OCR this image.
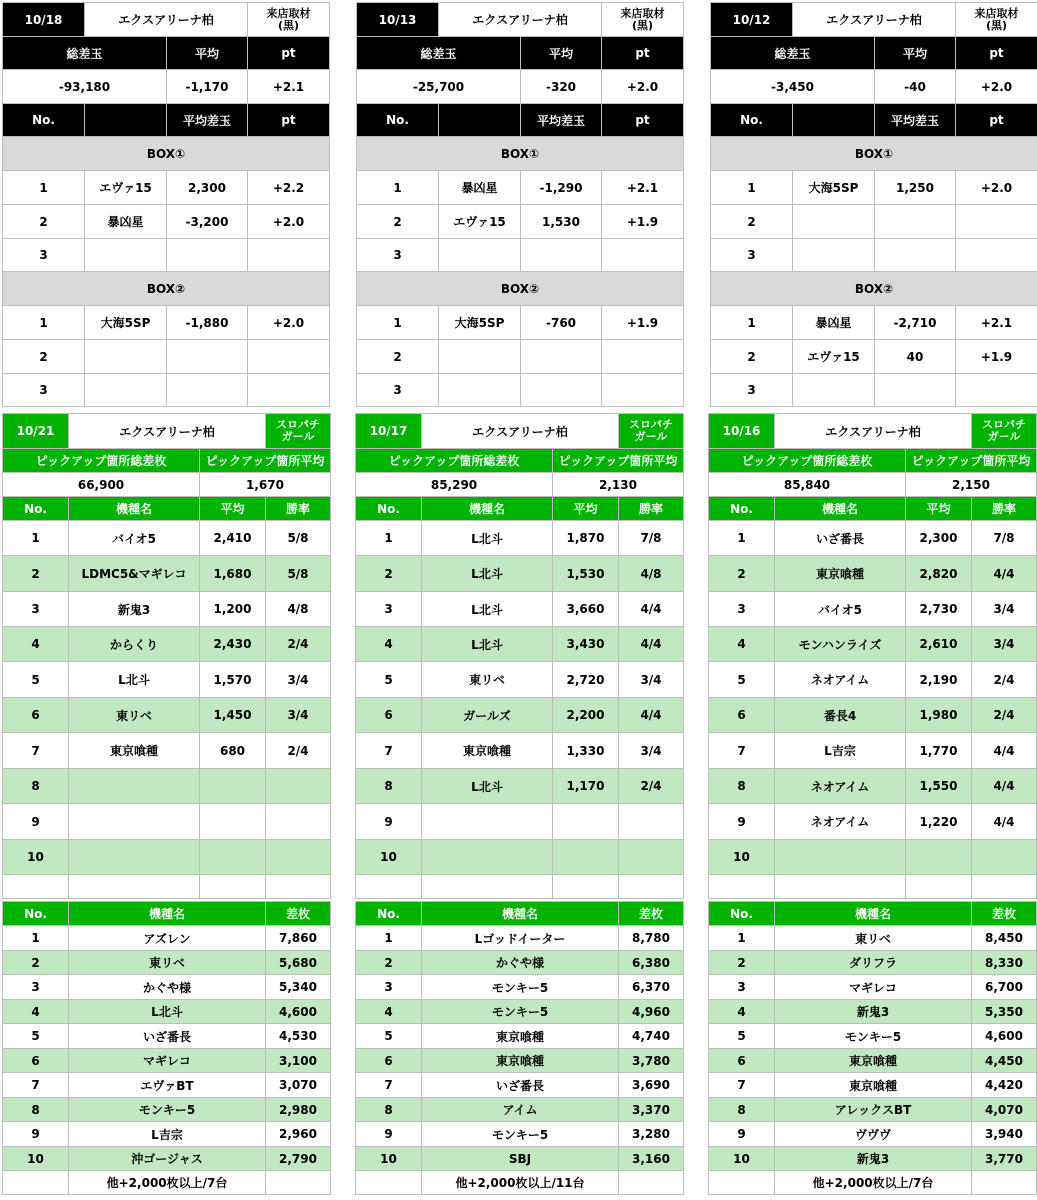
10/18	エクスアリーナ柏		来店取材
(黒)
総差玉		平均	pt
-93,180		-1,170	+2.1
No.		平均差玉	pt
BOX①			
1	エヴァ15	2,300	+2.2
2	暴凶星	-3,200	+2.0
3			
BOX②			
1	大海5SP	-1,880	+2.0
2			
3			
10/13	エクスアリーナ柏		来店取材
(黒)
総差玉		平均	pt
-25,700		-320	+2.0
No.		平均差玉	pt
BOX①			
1	暴凶星	-1,290	+2.1
2	エヴァ15	1,530	+1.9
3			
BOX②			
1	大海5SP	-760	+1.9
2			
3			
10/12	エクスアリーナ柏		来店取材
(黒)
総差玉		平均	pt
-3,450		-40	+2.0
No.		平均差玉	pt
BOX①			
1	大海5SP	1,250	+2.0
2			
3			
BOX②			
1	暴凶星	-2,710	+2.1
2	エヴァ15	40	+1.9
3			
10/21	エクスアリーナ柏		スロパチ
ガール
ピックアップ箇所総差枚		ピックアップ箇所平均	
66,900		1,670	
No.	機種名	平均	勝率
1	バイオ5	2,410	5/8
2	LDMC5&マギレコ	1,680	5/8
3	新鬼3	1,200	4/8
4	からくり	2,430	2/4
5	L北斗	1,570	3/4
6	東リベ	1,450	3/4
7	東京喰種	680	2/4
8			
9			
10			

No.	機種名	差枚
1	アズレン	7,860
2	東リベ	5,680
3	かぐや様	5,340
4	L北斗	4,600
5	いざ番長	4,530
6	マギレコ	3,100
7	エヴァBT	3,070
8	モンキー5	2,980
9	L吉宗	2,960
10	沖ゴージャス	2,790
	他+2,000枚以上/7台	
10/17	エクスアリーナ柏		スロパチ
ガール
ピックアップ箇所総差枚		ピックアップ箇所平均	
85,290		2,130	
No.	機種名	平均	勝率
1	L北斗	1,870	7/8
2	L北斗	1,530	4/8
3	L北斗	3,660	4/4
4	L北斗	3,430	4/4
5	東リベ	2,720	3/4
6	ガールズ	2,200	4/4
7	東京喰種	1,330	3/4
8	L北斗	1,170	2/4
9			
10			

No.	機種名	差枚
1	Lゴッドイーター	8,780
2	かぐや様	6,380
3	モンキー5	6,370
4	モンキー5	4,960
5	東京喰種	4,740
6	東京喰種	3,780
7	いざ番長	3,690
8	アイム	3,370
9	モンキー5	3,280
10	SBJ	3,160
	他+2,000枚以上/11台	
10/16	エクスアリーナ柏		スロパチ
ガール
ピックアップ箇所総差枚		ピックアップ箇所平均	
85,840		2,150	
No.	機種名	平均	勝率
1	いざ番長	2,300	7/8
2	東京喰種	2,820	4/4
3	バイオ5	2,730	3/4
4	モンハンライズ	2,610	3/4
5	ネオアイム	2,190	2/4
6	番長4	1,980	2/4
7	L吉宗	1,770	4/4
8	ネオアイム	1,550	4/4
9	ネオアイム	1,220	4/4
10			

No.	機種名	差枚
1	東リベ	8,450
2	ダリフラ	8,330
3	マギレコ	6,700
4	新鬼3	5,350
5	モンキー5	4,600
6	東京喰種	4,450
7	東京喰種	4,420
8	アレックスBT	4,070
9	ヴヴヴ	3,940
10	新鬼3	3,770
	他+2,000枚以上/7台	
